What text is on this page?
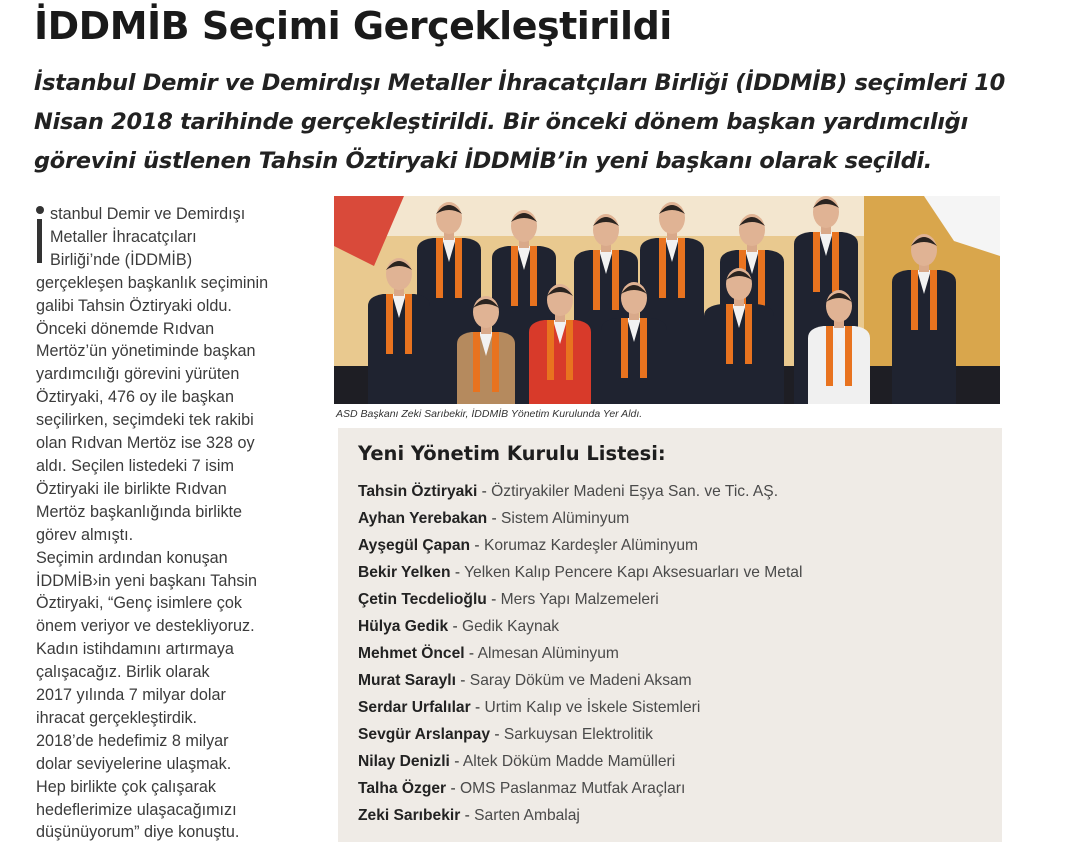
İDDMİB Seçimi Gerçekleştirildi

İstanbul Demir ve Demirdışı Metaller İhracatçıları Birliği (İDDMİB) seçimleri 10 Nisan 2018 tarihinde gerçekleştirildi. Bir önceki dönem başkan yardımcılığı görevini üstlenen Tahsin Öztiryaki İDDMİB’in yeni başkanı olarak seçildi.

stanbul Demir ve Demirdışı

Metaller İhracatçıları

Birliği’nde (İDDMİB)

gerçekleşen başkanlık seçiminin

galibi Tahsin Öztiryaki oldu.

Önceki dönemde Rıdvan

Mertöz’ün yönetiminde başkan

yardımcılığı görevini yürüten

Öztiryaki, 476 oy ile başkan

seçilirken, seçimdeki tek rakibi

olan Rıdvan Mertöz ise 328 oy

aldı. Seçilen listedeki 7 isim

Öztiryaki ile birlikte Rıdvan

Mertöz başkanlığında birlikte

görev almıştı.

Seçimin ardından konuşan

İDDMİB›in yeni başkanı Tahsin

Öztiryaki, “Genç isimlere çok

önem veriyor ve destekliyoruz.

Kadın istihdamını artırmaya

çalışacağız. Birlik olarak

2017 yılında 7 milyar dolar

ihracat gerçekleştirdik.

2018’de hedefimiz 8 milyar

dolar seviyelerine ulaşmak.

Hep birlikte çok çalışarak

hedeflerimize ulaşacağımızı

düşünüyorum” diye konuştu.

ASD Başkanı Zeki Sarıbekir, İDDMİB Yönetim Kurulunda Yer Aldı.
Yeni Yönetim Kurulu Listesi:
Tahsin Öztiryaki - Öztiryakiler Madeni Eşya San. ve Tic. AŞ.
Ayhan Yerebakan - Sistem Alüminyum
Ayşegül Çapan - Korumaz Kardeşler Alüminyum
Bekir Yelken - Yelken Kalıp Pencere Kapı Aksesuarları ve Metal
Çetin Tecdelioğlu - Mers Yapı Malzemeleri
Hülya Gedik - Gedik Kaynak
Mehmet Öncel - Almesan Alüminyum
Murat Saraylı - Saray Döküm ve Madeni Aksam
Serdar Urfalılar - Urtim Kalıp ve İskele Sistemleri
Sevgür Arslanpay - Sarkuysan Elektrolitik
Nilay Denizli - Altek Döküm Madde Mamülleri
Talha Özger - OMS Paslanmaz Mutfak Araçları
Zeki Sarıbekir - Sarten Ambalaj
